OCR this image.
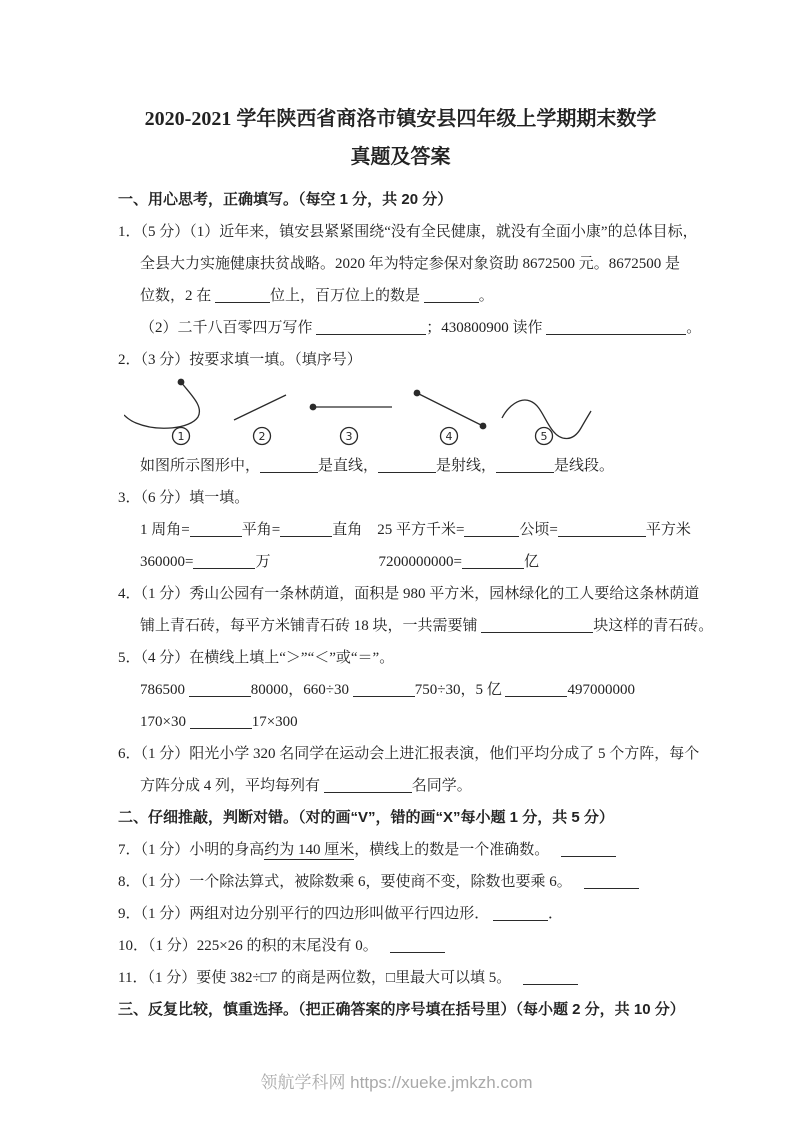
2020-2021 学年陕西省商洛市镇安县四年级上学期期末数学
真题及答案
一、用心思考，正确填写。（每空 1 分，共 20 分）
1．（5 分）（1）近年来，镇安县紧紧围绕“没有全民健康，就没有全面小康”的总体目标，
全县大力实施健康扶贫战略。2020 年为特定参保对象资助 8672500 元。8672500 是
位数，2 在	位上，百万位上的数是	。
（2）二千八百零四万写作	；430800900 读作	。
2．（3 分）按要求填一填。（填序号）
1	2	3	4	5
如图所示图形中，	是直线，	是射线，	是线段。
3．（6 分）填一填。
1 周角=	平角=	直角　25 平方千米=	公顷=	平方米
360000=	万	7200000000=	亿
4．（1 分）秀山公园有一条林荫道，面积是 980 平方米，园林绿化的工人要给这条林荫道
铺上青石砖，每平方米铺青石砖 18 块，一共需要铺	块这样的青石砖。
5．（4 分）在横线上填上“＞”“＜”或“＝”。
786500	80000，660÷30	750÷30，5 亿	497000000
170×30	17×300
6．（1 分）阳光小学 320 名同学在运动会上进汇报表演，他们平均分成了 5 个方阵，每个
方阵分成 4 列，平均每列有	名同学。
二、仔细推敲，判断对错。（对的画“V”，错的画“X”每小题 1 分，共 5 分）
7．（1 分）小明的身高约为 140 厘米，横线上的数是一个准确数。
8．（1 分）一个除法算式，被除数乘 6，要使商不变，除数也要乘 6。
9．（1 分）两组对边分别平行的四边形叫做平行四边形．	．
10．（1 分）225×26 的积的末尾没有 0。
11．（1 分）要使 382÷□7 的商是两位数，□里最大可以填 5。
三、反复比较，慎重选择。（把正确答案的序号填在括号里）（每小题 2 分，共 10 分）
领航学科网 https://xueke.jmkzh.com
